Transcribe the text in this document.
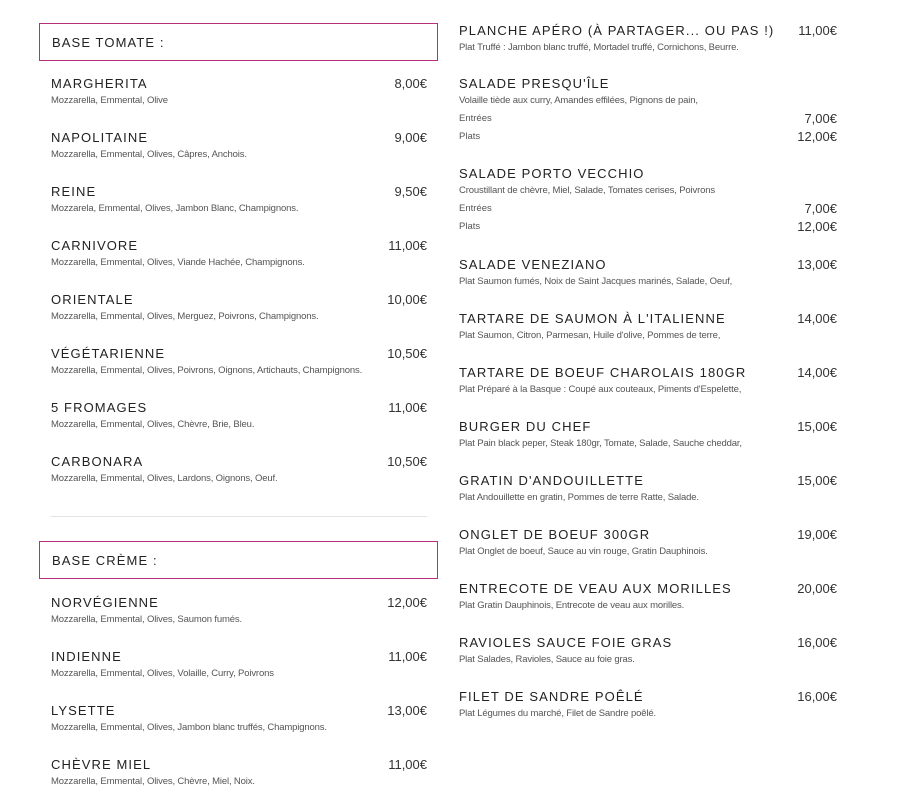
BASE TOMATE :
MARGHERITA	8,00€
Mozzarella, Emmental, Olive
NAPOLITAINE	9,00€
Mozzarella, Emmental, Olives, Câpres, Anchois.
REINE	9,50€
Mozzarela, Emmental, Olives, Jambon Blanc, Champignons.
CARNIVORE	11,00€
Mozzarella, Emmental, Olives, Viande Hachée, Champignons.
ORIENTALE	10,00€
Mozzarella, Emmental, Olives, Merguez, Poivrons, Champignons.
VÉGÉTARIENNE	10,50€
Mozzarella, Emmental, Olives, Poivrons, Oignons, Artichauts, Champignons.
5 FROMAGES	11,00€
Mozzarella, Emmental, Olives, Chèvre, Brie, Bleu.
CARBONARA	10,50€
Mozzarella, Emmental, Olives, Lardons, Oignons, Oeuf.
BASE CRÈME :
NORVÉGIENNE	12,00€
Mozzarella, Emmental, Olives, Saumon fumés.
INDIENNE	11,00€
Mozzarella, Emmental, Olives, Volaille, Curry, Poivrons
LYSETTE	13,00€
Mozzarella, Emmental, Olives, Jambon blanc truffés, Champignons.
CHÈVRE MIEL	11,00€
Mozzarella, Emmental, Olives, Chèvre, Miel, Noix.
PLANCHE APÉRO (À PARTAGER... OU PAS !) 11,00€
Plat Truffé : Jambon blanc truffé, Mortadel truffé, Cornichons, Beurre.
SALADE PRESQU'ÎLE
Volaille tiède aux curry, Amandes effilées, Pignons de pain,
Entrées	7,00€
Plats	12,00€
SALADE PORTO VECCHIO
Croustillant de chèvre, Miel, Salade, Tomates cerises, Poivrons
Entrées	7,00€
Plats	12,00€
SALADE VENEZIANO	13,00€
Plat Saumon fumés, Noix de Saint Jacques marinés, Salade, Oeuf,
TARTARE DE SAUMON À L'ITALIENNE	14,00€
Plat Saumon, Citron, Parmesan, Huile d'olive, Pommes de terre,
TARTARE DE BOEUF CHAROLAIS 180GR	14,00€
Plat Préparé à la Basque : Coupé aux couteaux, Piments d'Espelette,
BURGER DU CHEF	15,00€
Plat Pain black peper, Steak 180gr, Tomate, Salade, Sauche cheddar,
GRATIN D'ANDOUILLETTE	15,00€
Plat Andouillette en gratin, Pommes de terre Ratte, Salade.
ONGLET DE BOEUF 300GR	19,00€
Plat Onglet de boeuf, Sauce au vin rouge, Gratin Dauphinois.
ENTRECOTE DE VEAU AUX MORILLES	20,00€
Plat Gratin Dauphinois, Entrecote de veau aux morilles.
RAVIOLES SAUCE FOIE GRAS	16,00€
Plat Salades, Ravioles, Sauce au foie gras.
FILET DE SANDRE POÊLÉ	16,00€
Plat Légumes du marché, Filet de Sandre poêlé.
